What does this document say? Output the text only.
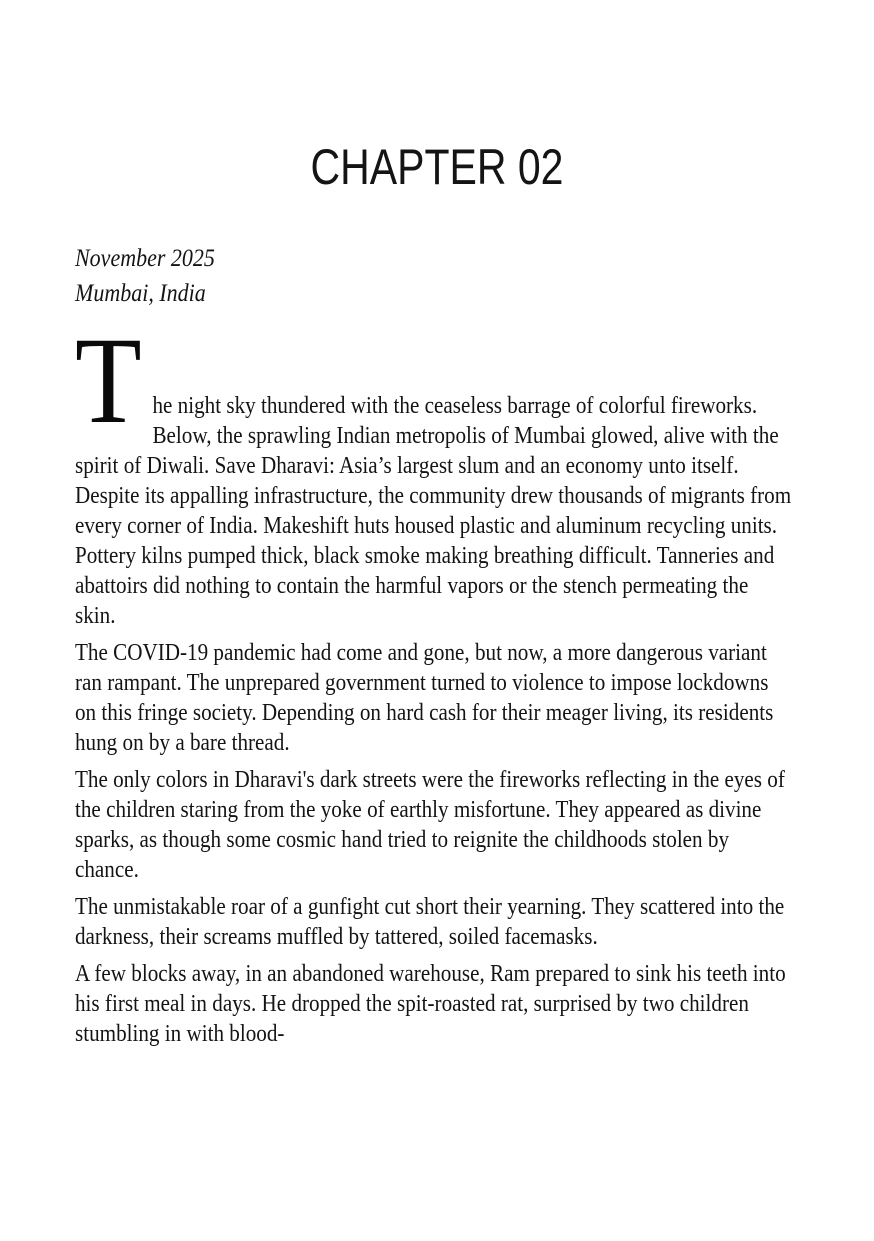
CHAPTER 02
November 2025
Mumbai, India

T he night sky thundered with the ceaseless barrage of colorful fireworks. Below, the sprawling Indian metropolis of Mumbai glowed, alive with the spirit of Diwali. Save Dharavi: Asia’s largest slum and an economy unto itself. Despite its appalling infrastructure, the community drew thousands of migrants from every corner of India. Makeshift huts housed plastic and aluminum recycling units. Pottery kilns pumped thick, black smoke making breathing difficult. Tanneries and abattoirs did nothing to contain the harmful vapors or the stench permeating the skin.

The COVID-19 pandemic had come and gone, but now, a more dangerous variant ran rampant. The unprepared government turned to violence to impose lockdowns on this fringe society. Depending on hard cash for their meager living, its residents hung on by a bare thread.

The only colors in Dharavi's dark streets were the fireworks reflecting in the eyes of the children staring from the yoke of earthly misfortune. They appeared as divine sparks, as though some cosmic hand tried to reignite the childhoods stolen by chance.

The unmistakable roar of a gunfight cut short their yearning. They scattered into the darkness, their screams muffled by tattered, soiled facemasks.

A few blocks away, in an abandoned warehouse, Ram prepared to sink his teeth into his first meal in days. He dropped the spit-roasted rat, surprised by two children stumbling in with blood-
